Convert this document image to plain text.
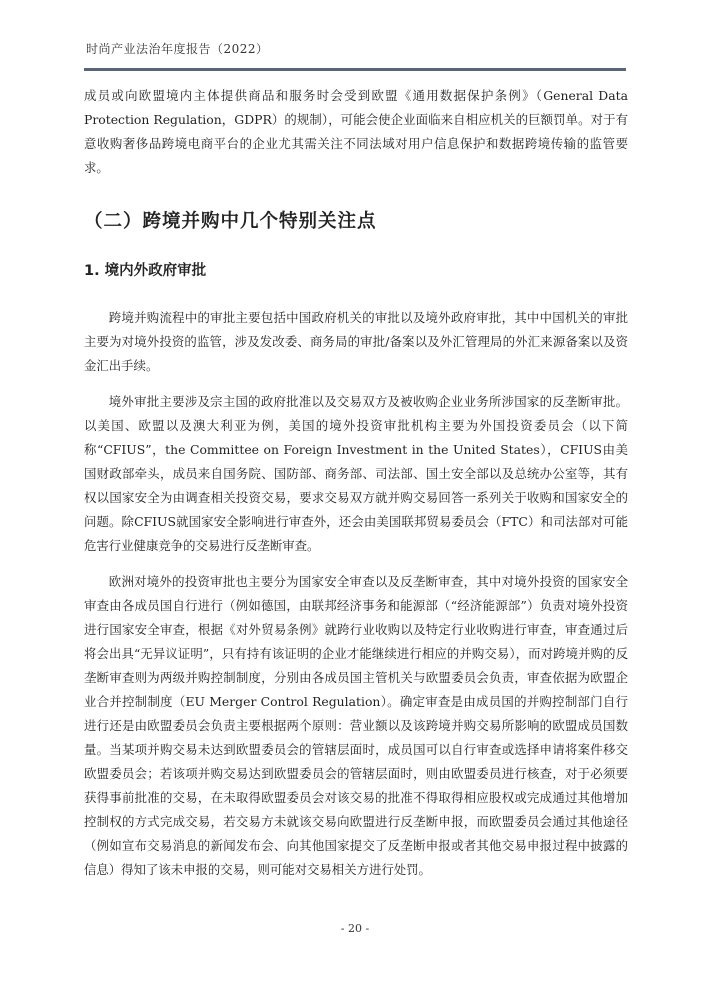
时尚产业法治年度报告（2022）

成员或向欧盟境内主体提供商品和服务时会受到欧盟《通用数据保护条例》（General Data Protection Regulation，GDPR）的规制），可能会使企业面临来自相应机关的巨额罚单。对于有意收购奢侈品跨境电商平台的企业尤其需关注不同法域对用户信息保护和数据跨境传输的监管要求。

（二）跨境并购中几个特别关注点

1. 境内外政府审批

跨境并购流程中的审批主要包括中国政府机关的审批以及境外政府审批，其中中国机关的审批主要为对境外投资的监管，涉及发改委、商务局的审批/备案以及外汇管理局的外汇来源备案以及资金汇出手续。

境外审批主要涉及宗主国的政府批准以及交易双方及被收购企业业务所涉国家的反垄断审批。以美国、欧盟以及澳大利亚为例，美国的境外投资审批机构主要为外国投资委员会（以下简称“CFIUS”，the Committee on Foreign Investment in the United States），CFIUS由美国财政部牵头，成员来自国务院、国防部、商务部、司法部、国土安全部以及总统办公室等，其有权以国家安全为由调查相关投资交易，要求交易双方就并购交易回答一系列关于收购和国家安全的问题。除CFIUS就国家安全影响进行审查外，还会由美国联邦贸易委员会（FTC）和司法部对可能危害行业健康竞争的交易进行反垄断审查。

欧洲对境外的投资审批也主要分为国家安全审查以及反垄断审查，其中对境外投资的国家安全审查由各成员国自行进行（例如德国，由联邦经济事务和能源部（“经济能源部”）负责对境外投资进行国家安全审查，根据《对外贸易条例》就跨行业收购以及特定行业收购进行审查，审查通过后将会出具“无异议证明”，只有持有该证明的企业才能继续进行相应的并购交易），而对跨境并购的反垄断审查则为两级并购控制制度，分别由各成员国主管机关与欧盟委员会负责，审查依据为欧盟企业合并控制制度（EU Merger Control Regulation）。确定审查是由成员国的并购控制部门自行进行还是由欧盟委员会负责主要根据两个原则：营业额以及该跨境并购交易所影响的欧盟成员国数量。当某项并购交易未达到欧盟委员会的管辖层面时，成员国可以自行审查或选择申请将案件移交欧盟委员会；若该项并购交易达到欧盟委员会的管辖层面时，则由欧盟委员进行核查，对于必须要获得事前批准的交易，在未取得欧盟委员会对该交易的批准不得取得相应股权或完成通过其他增加控制权的方式完成交易，若交易方未就该交易向欧盟进行反垄断申报，而欧盟委员会通过其他途径（例如宣布交易消息的新闻发布会、向其他国家提交了反垄断申报或者其他交易申报过程中披露的信息）得知了该未申报的交易，则可能对交易相关方进行处罚。

- 20 -
